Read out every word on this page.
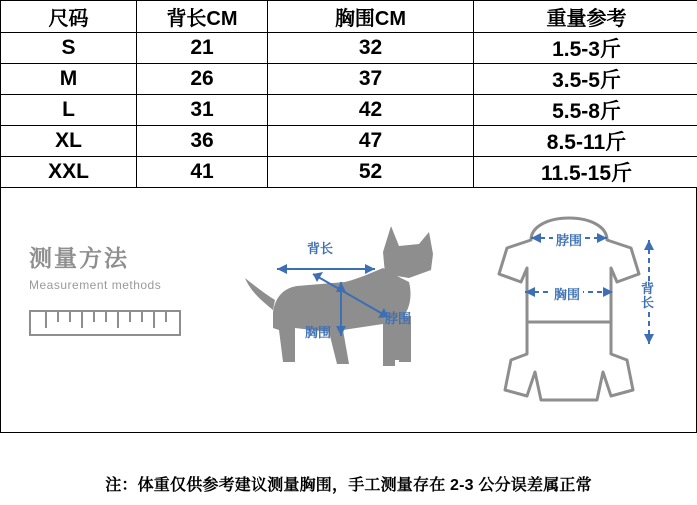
尺码	背长CM	胸围CM	重量参考
S	21	32	1.5-3斤
M	26	37	3.5-5斤
L	31	42	5.5-8斤
XL	36	47	8.5-11斤
XXL	41	52	11.5-15斤
测量方法
Measurement methods
背长
脖围
胸围
脖围
胸围	背长
注：体重仅供参考建议测量胸围，手工测量存在 2-3 公分误差属正常
